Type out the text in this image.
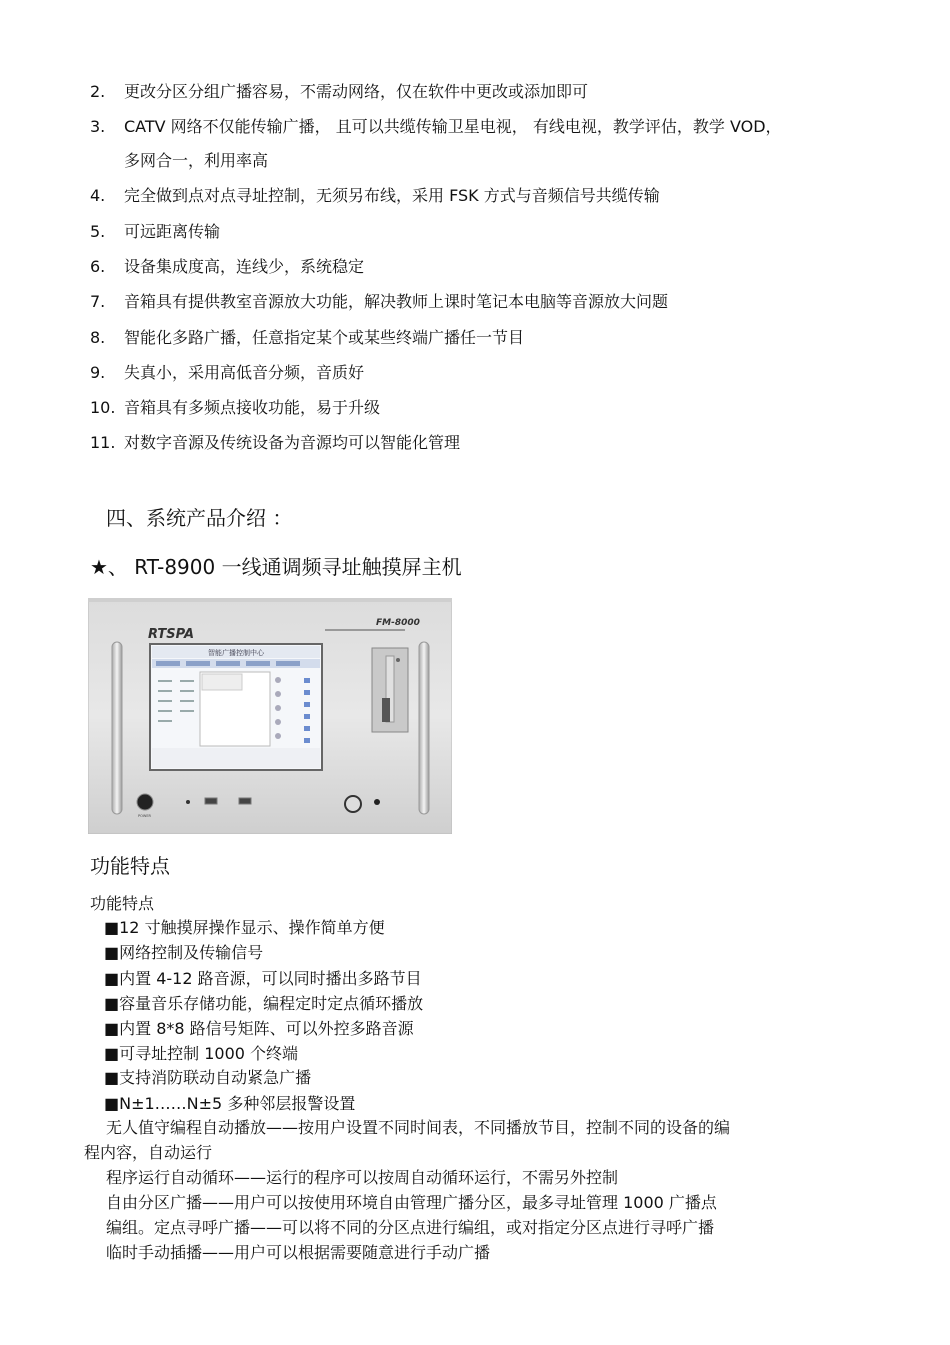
2. 更改分区分组广播容易，不需动网络，仅在软件中更改或添加即可
3. CATV 网络不仅能传输广播， 且可以共缆传输卫星电视， 有线电视，教学评估，教学 VOD，
多网合一，利用率高
4. 完全做到点对点寻址控制，无须另布线，采用 FSK 方式与音频信号共缆传输
5. 可远距离传输
6. 设备集成度高，连线少，系统稳定
7. 音箱具有提供教室音源放大功能，解决教师上课时笔记本电脑等音源放大问题
8. 智能化多路广播，任意指定某个或某些终端广播任一节目
9. 失真小，采用高低音分频，音质好
10. 音箱具有多频点接收功能，易于升级
11. 对数字音源及传统设备为音源均可以智能化管理
四、系统产品介绍 ：
★、 RT-8900 一线通调频寻址触摸屏主机
RTSPA
FM-8000
智能广播控制中心
POWER
功能特点
功能特点
■12 寸触摸屏操作显示、操作简单方便
■网络控制及传输信号
■内置 4-12 路音源，可以同时播出多路节目
■容量音乐存储功能，编程定时定点循环播放
■内置 8*8 路信号矩阵、可以外控多路音源
■可寻址控制 1000 个终端
■支持消防联动自动紧急广播
■N±1……N±5 多种邻层报警设置
无人值守编程自动播放——按用户设置不同时间表，不同播放节目，控制不同的设备的编
程内容，自动运行
程序运行自动循环——运行的程序可以按周自动循环运行，不需另外控制
自由分区广播——用户可以按使用环境自由管理广播分区，最多寻址管理 1000 广播点
编组。定点寻呼广播——可以将不同的分区点进行编组，或对指定分区点进行寻呼广播
临时手动插播——用户可以根据需要随意进行手动广播
